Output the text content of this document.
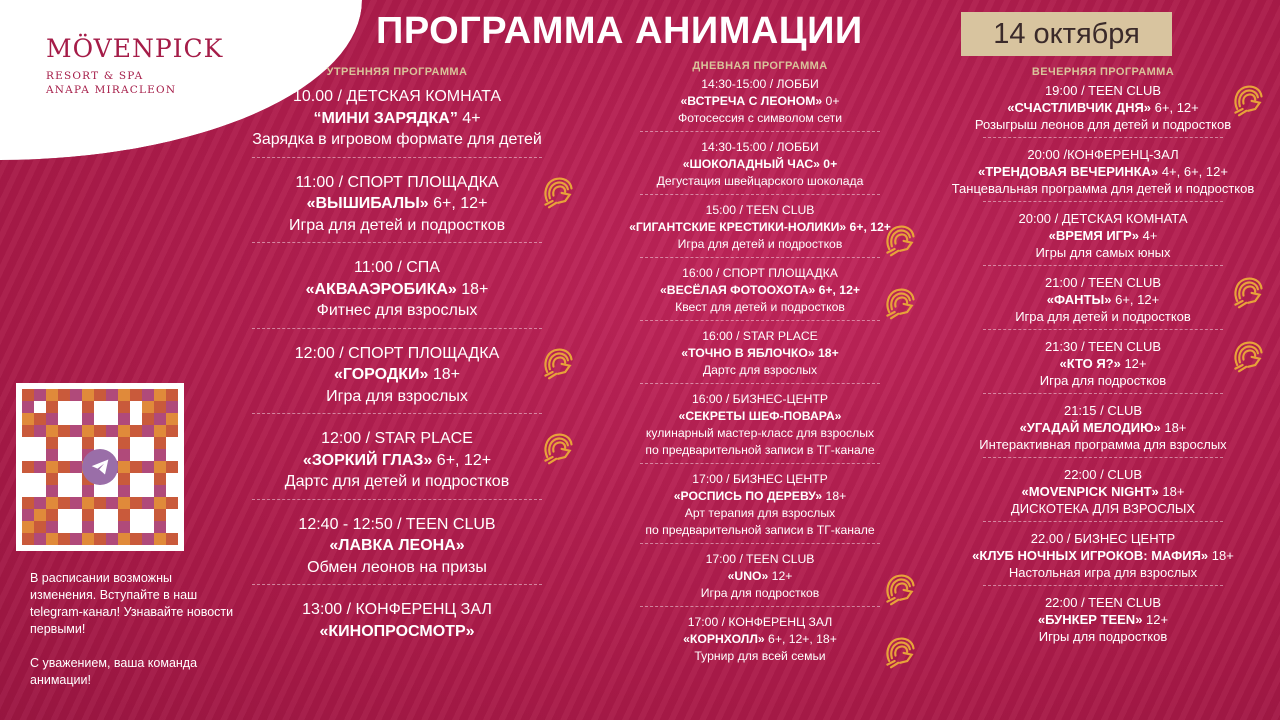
MÖVENPICK
RESORT & SPA
ANAPA MIRACLEON
ПРОГРАММА АНИМАЦИИ	14 октября
УТРЕННЯЯ ПРОГРАММА
10.00 / ДЕТСКАЯ КОМНАТА
“МИНИ ЗАРЯДКА” 4+
Зарядка в игровом формате для детей
11:00 / СПОРТ ПЛОЩАДКА
«ВЫШИБАЛЫ» 6+, 12+
Игра для детей и подростков
11:00 / СПА
«АКВААЭРОБИКА» 18+
Фитнес для взрослых
12:00 / СПОРТ ПЛОЩАДКА
«ГОРОДКИ» 18+
Игра для взрослых
12:00 / STAR PLACE
«ЗОРКИЙ ГЛАЗ» 6+, 12+
Дартс для детей и подростков
12:40 - 12:50 / TEEN CLUB
«ЛАВКА ЛЕОНА»
Обмен леонов на призы
13:00 / КОНФЕРЕНЦ ЗАЛ
«КИНОПРОСМОТР»
ДНЕВНАЯ ПРОГРАММА
14:30-15:00 / ЛОББИ
«ВСТРЕЧА С ЛЕОНОМ» 0+
Фотосессия с символом сети
14:30-15:00 / ЛОББИ
«ШОКОЛАДНЫЙ ЧАС» 0+
Дегустация швейцарского шоколада
15:00 / TEEN CLUB
«ГИГАНТСКИЕ КРЕСТИКИ-НОЛИКИ» 6+, 12+
Игра для детей и подростков
16:00 / СПОРТ ПЛОЩАДКА
«ВЕСЁЛАЯ ФОТООХОТА» 6+, 12+
Квест для детей и подростков
16:00 / STAR PLACE
«ТОЧНО В ЯБЛОЧКО» 18+
Дартс для взрослых
16:00 / БИЗНЕС-ЦЕНТР
«СЕКРЕТЫ ШЕФ-ПОВАРА»
кулинарный мастер-класс для взрослых
по предварительной записи в ТГ-канале
17:00 / БИЗНЕС ЦЕНТР
«РОСПИСЬ ПО ДЕРЕВУ» 18+
Арт терапия для взрослых
по предварительной записи в ТГ-канале
17:00 / TEEN CLUB
«UNO» 12+
Игра для подростков
17:00 / КОНФЕРЕНЦ ЗАЛ
«КОРНХОЛЛ» 6+, 12+, 18+
Турнир для всей семьи
ВЕЧЕРНЯЯ ПРОГРАММА
19:00 / TEEN CLUB
«СЧАСТЛИВЧИК ДНЯ» 6+, 12+
Розыгрыш леонов для детей и подростков
20:00 /КОНФЕРЕНЦ-ЗАЛ
«ТРЕНДОВАЯ ВЕЧЕРИНКА» 4+, 6+, 12+
Танцевальная программа для детей и подростков
20:00 / ДЕТСКАЯ КОМНАТА
«ВРЕМЯ ИГР» 4+
Игры для самых юных
21:00 / TEEN CLUB
«ФАНТЫ» 6+, 12+
Игра для детей и подростков
21:30 / TEEN CLUB
«КТО Я?» 12+
Игра для подростков
21:15 / CLUB
«УГАДАЙ МЕЛОДИЮ» 18+
Интерактивная программа для взрослых
22:00 / CLUB
«MOVENPICK NIGHT» 18+
ДИСКОТЕКА ДЛЯ ВЗРОСЛЫХ
22.00 / БИЗНЕС ЦЕНТР
«КЛУБ НОЧНЫХ ИГРОКОВ: МАФИЯ» 18+
Настольная игра для взрослых
22:00 / TEEN CLUB
«БУНКЕР TEEN» 12+
Игры для подростков

В расписании возможны изменения. Вступайте в наш telegram-канал! Узнавайте новости первыми!

С уважением, ваша команда анимации!
